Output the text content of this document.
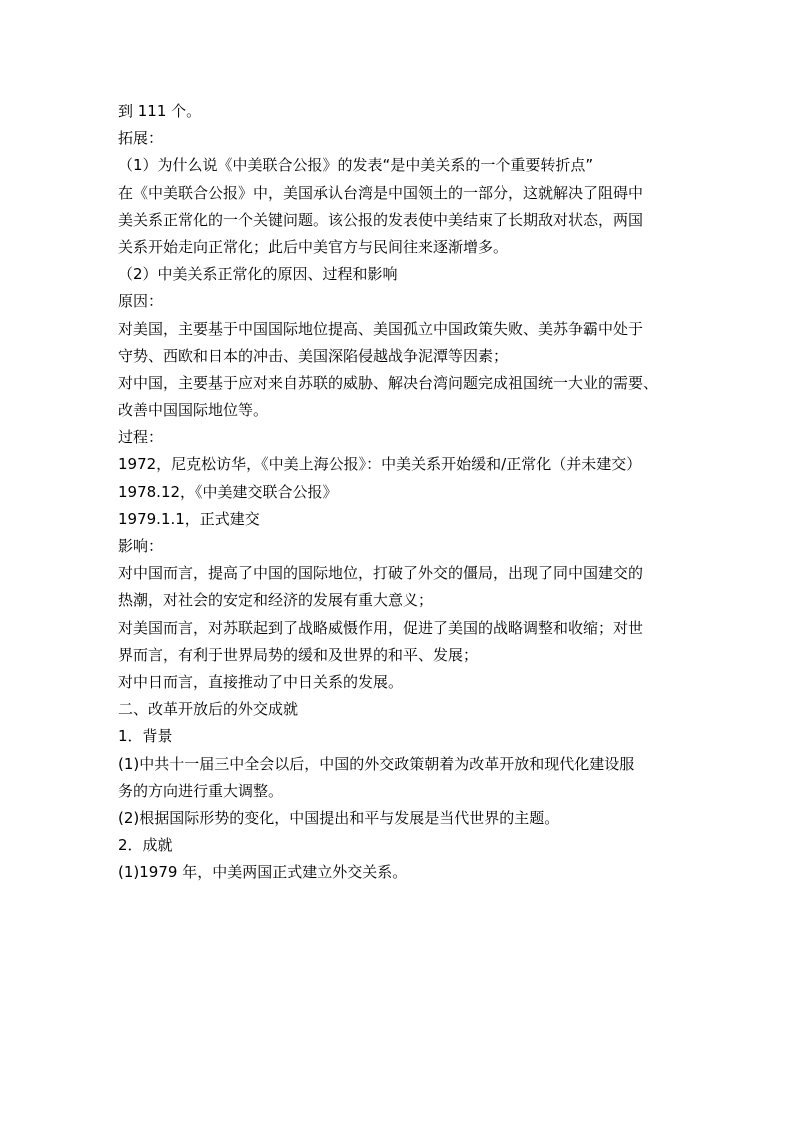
到 111 个。
拓展：
（1）为什么说《中美联合公报》的发表“是中美关系的一个重要转折点”
在《中美联合公报》中，美国承认台湾是中国领土的一部分，这就解决了阻碍中
美关系正常化的一个关键问题。该公报的发表使中美结束了长期敌对状态，两国
关系开始走向正常化；此后中美官方与民间往来逐渐增多。
（2）中美关系正常化的原因、过程和影响
原因：
对美国，主要基于中国国际地位提高、美国孤立中国政策失败、美苏争霸中处于
守势、西欧和日本的冲击、美国深陷侵越战争泥潭等因素；
对中国，主要基于应对来自苏联的威胁、解决台湾问题完成祖国统一大业的需要、
改善中国国际地位等。
过程：
1972，尼克松访华，《中美上海公报》：中美关系开始缓和/正常化（并未建交）
1978.12，《中美建交联合公报》
1979.1.1，正式建交
影响：
对中国而言，提高了中国的国际地位，打破了外交的僵局，出现了同中国建交的
热潮，对社会的安定和经济的发展有重大意义；
对美国而言，对苏联起到了战略威慑作用，促进了美国的战略调整和收缩；对世
界而言，有利于世界局势的缓和及世界的和平、发展；
对中日而言，直接推动了中日关系的发展。
二、改革开放后的外交成就
1．背景
(1)中共十一届三中全会以后，中国的外交政策朝着为改革开放和现代化建设服
务的方向进行重大调整。
(2)根据国际形势的变化，中国提出和平与发展是当代世界的主题。
2．成就
(1)1979 年，中美两国正式建立外交关系。
